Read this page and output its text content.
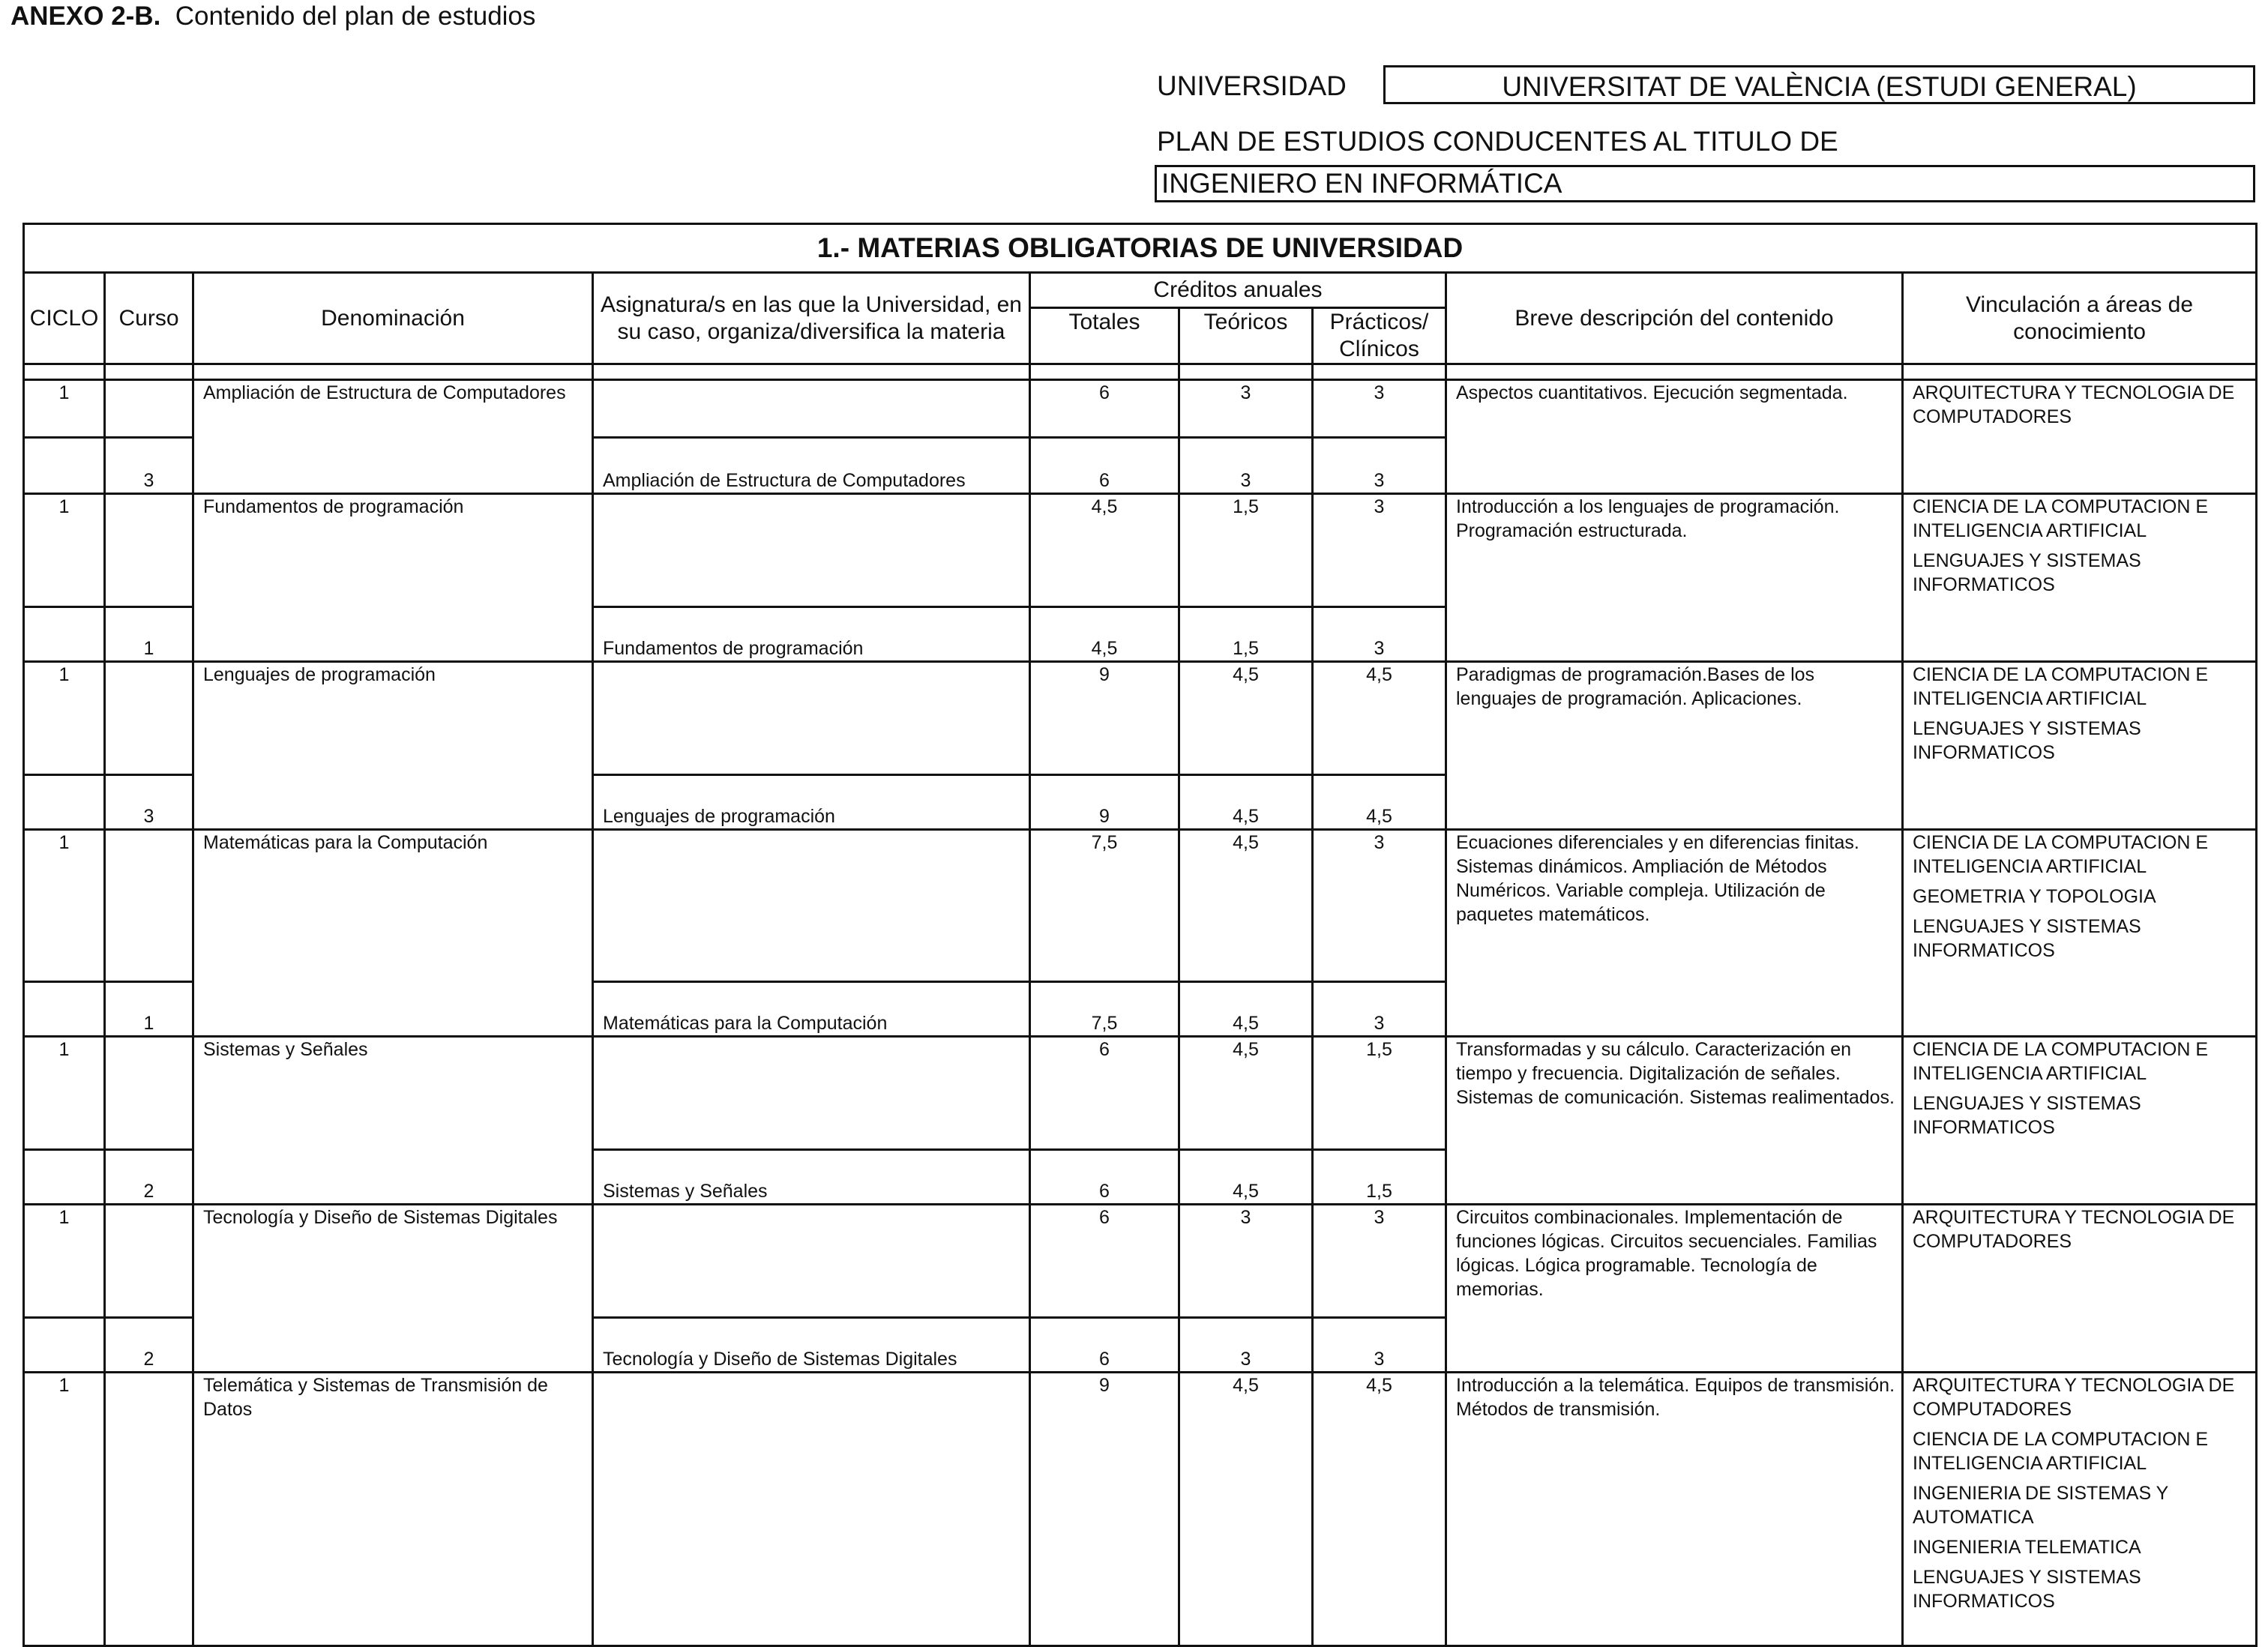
ANEXO 2-B. Contenido del plan de estudios
UNIVERSIDAD	UNIVERSITAT DE VALÈNCIA (ESTUDI GENERAL)
PLAN DE ESTUDIOS CONDUCENTES AL TITULO DE
INGENIERO EN INFORMÁTICA
1.- MATERIAS OBLIGATORIAS DE UNIVERSIDAD								
CICLO	Curso	Denominación	Asignatura/s en las que la Universidad, en su caso, organiza/diversifica la materia	Créditos anuales			Breve descripción del contenido	Vinculación a áreas de conocimiento
				Totales	Teóricos	Prácticos/ Clínicos		

1		Ampliación de Estructura de Computadores		6	3	3	Aspectos cuantitativos. Ejecución segmentada.	ARQUITECTURA Y TECNOLOGIA DE COMPUTADORES

	3		Ampliación de Estructura de Computadores	6	3	3		
1		Fundamentos de programación		4,5	1,5	3	Introducción a los lenguajes de programación. Programación estructurada.	CIENCIA DE LA COMPUTACION E INTELIGENCIA ARTIFICIAL
LENGUAJES Y SISTEMAS INFORMATICOS

	1		Fundamentos de programación	4,5	1,5	3		
1		Lenguajes de programación		9	4,5	4,5	Paradigmas de programación.Bases de los lenguajes de programación. Aplicaciones.	CIENCIA DE LA COMPUTACION E INTELIGENCIA ARTIFICIAL
LENGUAJES Y SISTEMAS INFORMATICOS

	3		Lenguajes de programación	9	4,5	4,5		
1		Matemáticas para la Computación		7,5	4,5	3	Ecuaciones diferenciales y en diferencias finitas. Sistemas dinámicos. Ampliación de Métodos Numéricos. Variable compleja. Utilización de paquetes matemáticos.	CIENCIA DE LA COMPUTACION E INTELIGENCIA ARTIFICIAL
GEOMETRIA Y TOPOLOGIA
LENGUAJES Y SISTEMAS INFORMATICOS

	1		Matemáticas para la Computación	7,5	4,5	3		
1		Sistemas y Señales		6	4,5	1,5	Transformadas y su cálculo. Caracterización en tiempo y frecuencia. Digitalización de señales. Sistemas de comunicación. Sistemas realimentados.	CIENCIA DE LA COMPUTACION E INTELIGENCIA ARTIFICIAL
LENGUAJES Y SISTEMAS INFORMATICOS

	2		Sistemas y Señales	6	4,5	1,5		
1		Tecnología y Diseño de Sistemas Digitales		6	3	3	Circuitos combinacionales. Implementación de funciones lógicas. Circuitos secuenciales. Familias lógicas. Lógica programable. Tecnología de memorias.	ARQUITECTURA Y TECNOLOGIA DE COMPUTADORES

	2		Tecnología y Diseño de Sistemas Digitales	6	3	3		
1		Telemática y Sistemas de Transmisión de Datos		9	4,5	4,5	Introducción a la telemática. Equipos de transmisión. Métodos de transmisión.	ARQUITECTURA Y TECNOLOGIA DE COMPUTADORES
CIENCIA DE LA COMPUTACION E INTELIGENCIA ARTIFICIAL
INGENIERIA DE SISTEMAS Y AUTOMATICA
INGENIERIA TELEMATICA
LENGUAJES Y SISTEMAS INFORMATICOS
